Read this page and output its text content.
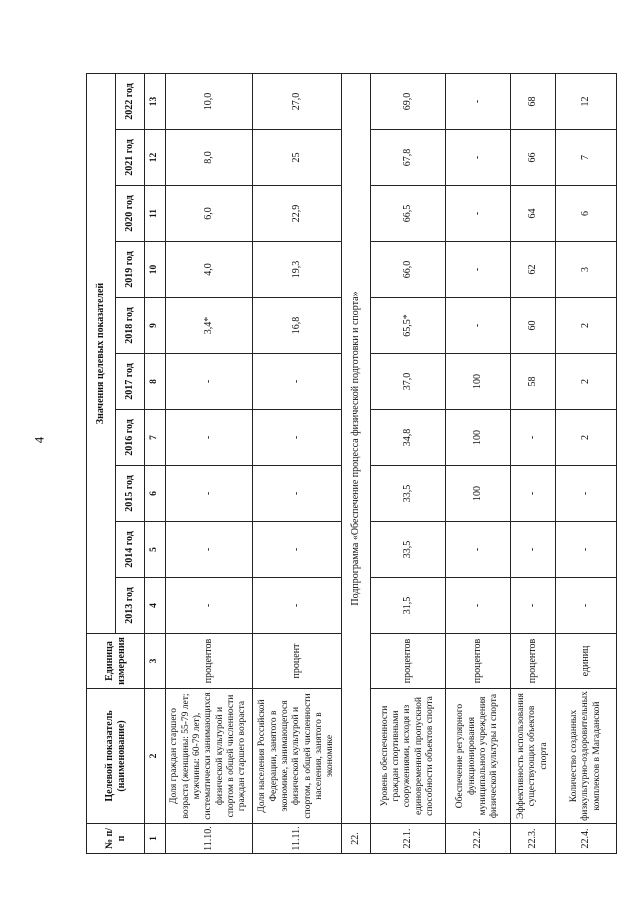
4
№ п/п	Целевой показатель (наименование)	Единица измерения	Значения целевых показателей									
			2013 год	2014 год	2015 год	2016 год	2017 год	2018 год	2019 год	2020 год	2021 год	2022 год
1	2	3	4	5	6	7	8	9	10	11	12	13
11.10.	Доля граждан старшего возраста (женщины: 55-79 лет; мужчины: 60-79 лет), систематически занимающихся физической культурой и спортом в общей численности граждан старшего возраста	процентов	-	-	-	-	-	3,4*	4,0	6,0	8,0	10,0
11.11.	Доля населения Российской Федерации, занятого в экономике, занимающегося физической культурой и спортом, в общей численности населения, занятого в экономике	процент	-	-	-	-	-	16,8	19,3	22,9	25	27,0
22.	Подпрограмма «Обеспечение процесса физической подготовки и спорта»											
22.1.	Уровень обеспеченности граждан спортивными сооружениями, исходя из единовременной пропускной способности объектов спорта	процентов	31,5	33,5	33,5	34,8	37,0	65,5*	66,0	66,5	67,8	69,0
22.2.	Обеспечение регулярного функционирования муниципального учреждения физической культуры и спорта	процентов	-	-	100	100	100	-	-	-	-	-
22.3.	Эффективность использования существующих объектов спорта	процентов	-	-	-	-	58	60	62	64	66	68
22.4.	Количество созданных физкультурно-оздоровительных комплексов в Магаданской	единиц	-	-	-	2	2	2	3	6	7	12
